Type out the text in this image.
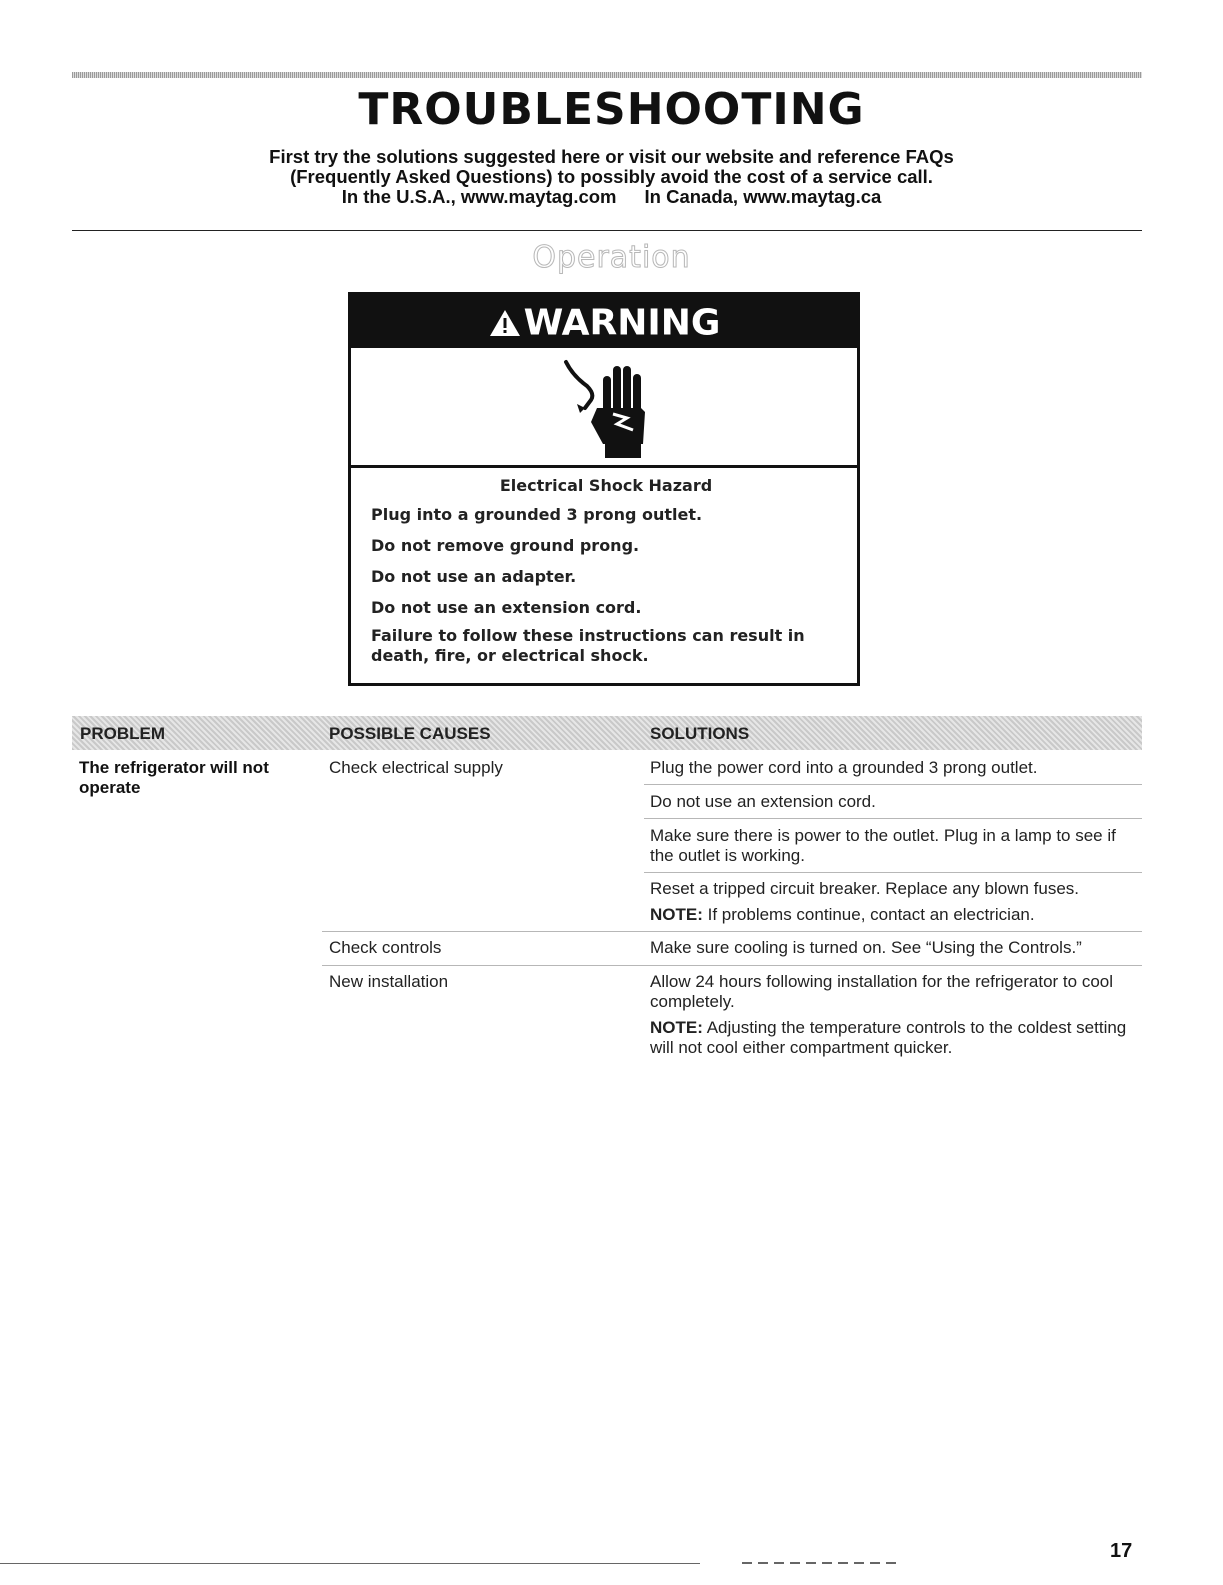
TROUBLESHOOTING
First try the solutions suggested here or visit our website and reference FAQs
(Frequently Asked Questions) to possibly avoid the cost of a service call.
In the U.S.A., www.maytag.com In Canada, www.maytag.ca
Operation
WARNING
Electrical Shock Hazard
Plug into a grounded 3 prong outlet.
Do not remove ground prong.
Do not use an adapter.
Do not use an extension cord.
Failure to follow these instructions can result in death, fire, or electrical shock.
PROBLEM	POSSIBLE CAUSES	SOLUTIONS
The refrigerator will not operate
Check electrical supply
Check controls
New installation
Plug the power cord into a grounded 3 prong outlet.
Do not use an extension cord.
Make sure there is power to the outlet. Plug in a lamp to see if the outlet is working.
Reset a tripped circuit breaker. Replace any blown fuses.
NOTE: If problems continue, contact an electrician.
Make sure cooling is turned on. See “Using the Controls.”
Allow 24 hours following installation for the refrigerator to cool completely.
NOTE: Adjusting the temperature controls to the coldest setting will not cool either compartment quicker.
17
